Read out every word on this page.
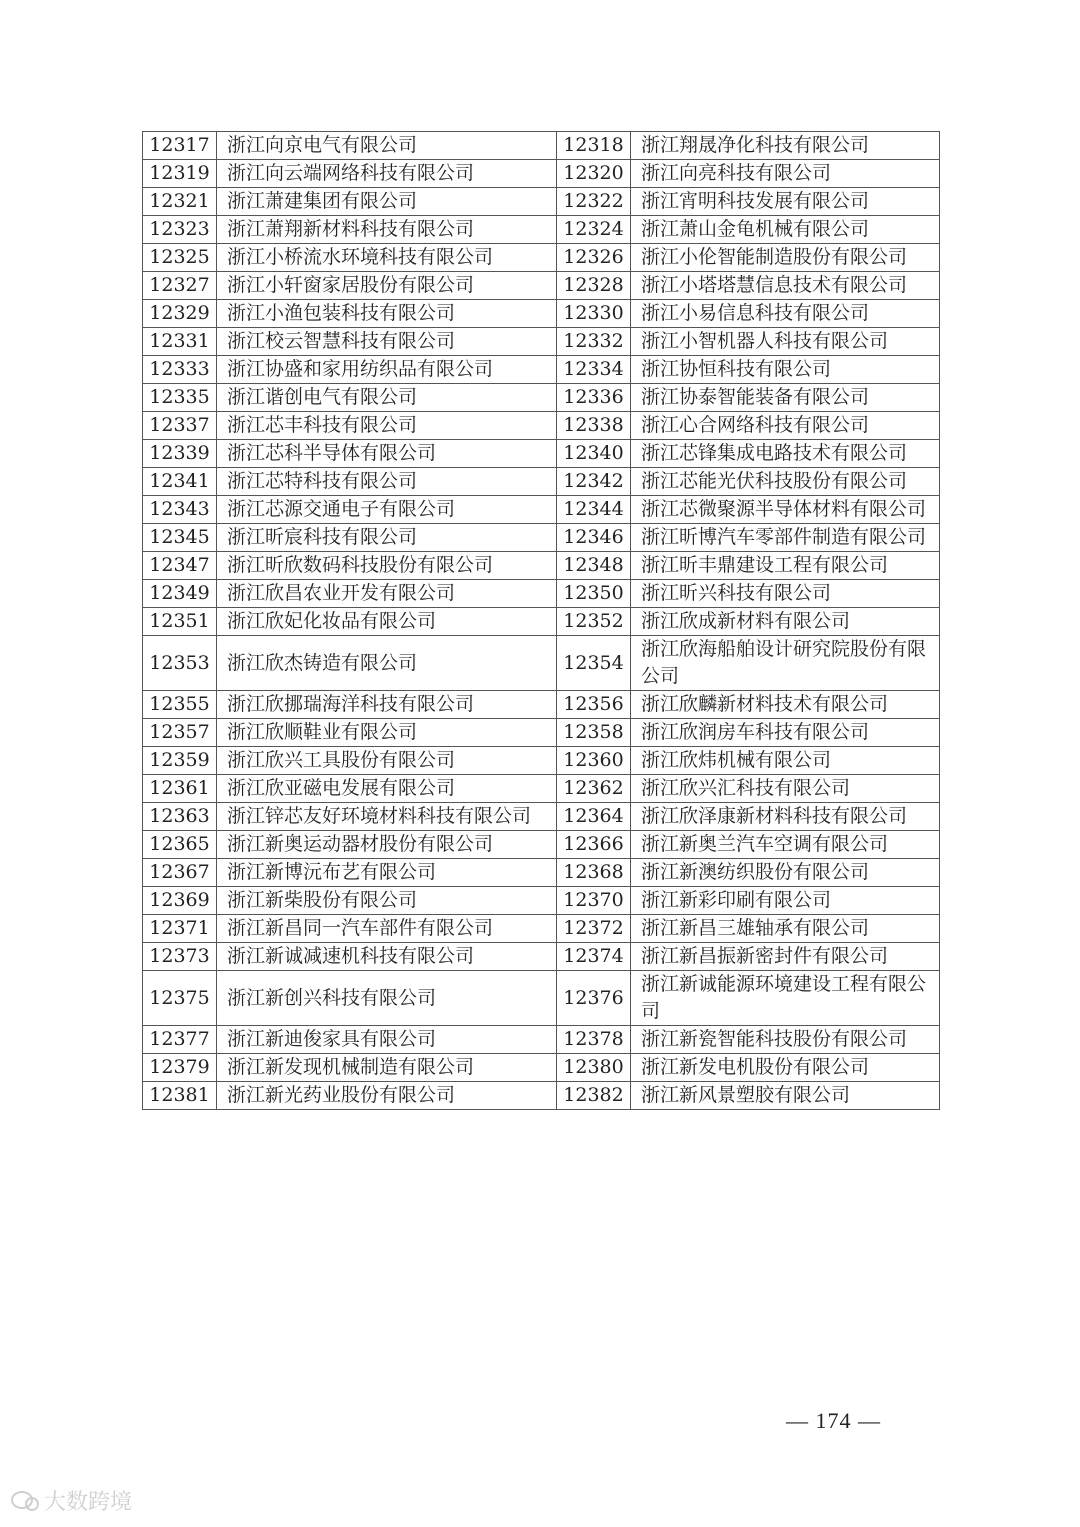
12317	浙江向京电气有限公司	12318	浙江翔晟净化科技有限公司
12319	浙江向云端网络科技有限公司	12320	浙江向亮科技有限公司
12321	浙江萧建集团有限公司	12322	浙江宵明科技发展有限公司
12323	浙江萧翔新材料科技有限公司	12324	浙江萧山金龟机械有限公司
12325	浙江小桥流水环境科技有限公司	12326	浙江小伦智能制造股份有限公司
12327	浙江小轩窗家居股份有限公司	12328	浙江小塔塔慧信息技术有限公司
12329	浙江小渔包装科技有限公司	12330	浙江小易信息科技有限公司
12331	浙江校云智慧科技有限公司	12332	浙江小智机器人科技有限公司
12333	浙江协盛和家用纺织品有限公司	12334	浙江协恒科技有限公司
12335	浙江谐创电气有限公司	12336	浙江协泰智能装备有限公司
12337	浙江芯丰科技有限公司	12338	浙江心合网络科技有限公司
12339	浙江芯科半导体有限公司	12340	浙江芯锋集成电路技术有限公司
12341	浙江芯特科技有限公司	12342	浙江芯能光伏科技股份有限公司
12343	浙江芯源交通电子有限公司	12344	浙江芯微聚源半导体材料有限公司
12345	浙江昕宸科技有限公司	12346	浙江昕博汽车零部件制造有限公司
12347	浙江昕欣数码科技股份有限公司	12348	浙江昕丰鼎建设工程有限公司
12349	浙江欣昌农业开发有限公司	12350	浙江昕兴科技有限公司
12351	浙江欣妃化妆品有限公司	12352	浙江欣成新材料有限公司
12353	浙江欣杰铸造有限公司	12354	浙江欣海船舶设计研究院股份有限公司
12355	浙江欣挪瑞海洋科技有限公司	12356	浙江欣麟新材料技术有限公司
12357	浙江欣顺鞋业有限公司	12358	浙江欣润房车科技有限公司
12359	浙江欣兴工具股份有限公司	12360	浙江欣炜机械有限公司
12361	浙江欣亚磁电发展有限公司	12362	浙江欣兴汇科技有限公司
12363	浙江锌芯友好环境材料科技有限公司	12364	浙江欣泽康新材料科技有限公司
12365	浙江新奥运动器材股份有限公司	12366	浙江新奥兰汽车空调有限公司
12367	浙江新博沅布艺有限公司	12368	浙江新澳纺织股份有限公司
12369	浙江新柴股份有限公司	12370	浙江新彩印刷有限公司
12371	浙江新昌同一汽车部件有限公司	12372	浙江新昌三雄轴承有限公司
12373	浙江新诚减速机科技有限公司	12374	浙江新昌振新密封件有限公司
12375	浙江新创兴科技有限公司	12376	浙江新诚能源环境建设工程有限公司
12377	浙江新迪俊家具有限公司	12378	浙江新瓷智能科技股份有限公司
12379	浙江新发现机械制造有限公司	12380	浙江新发电机股份有限公司
12381	浙江新光药业股份有限公司	12382	浙江新风景塑胶有限公司
— 174 —
大数跨境
